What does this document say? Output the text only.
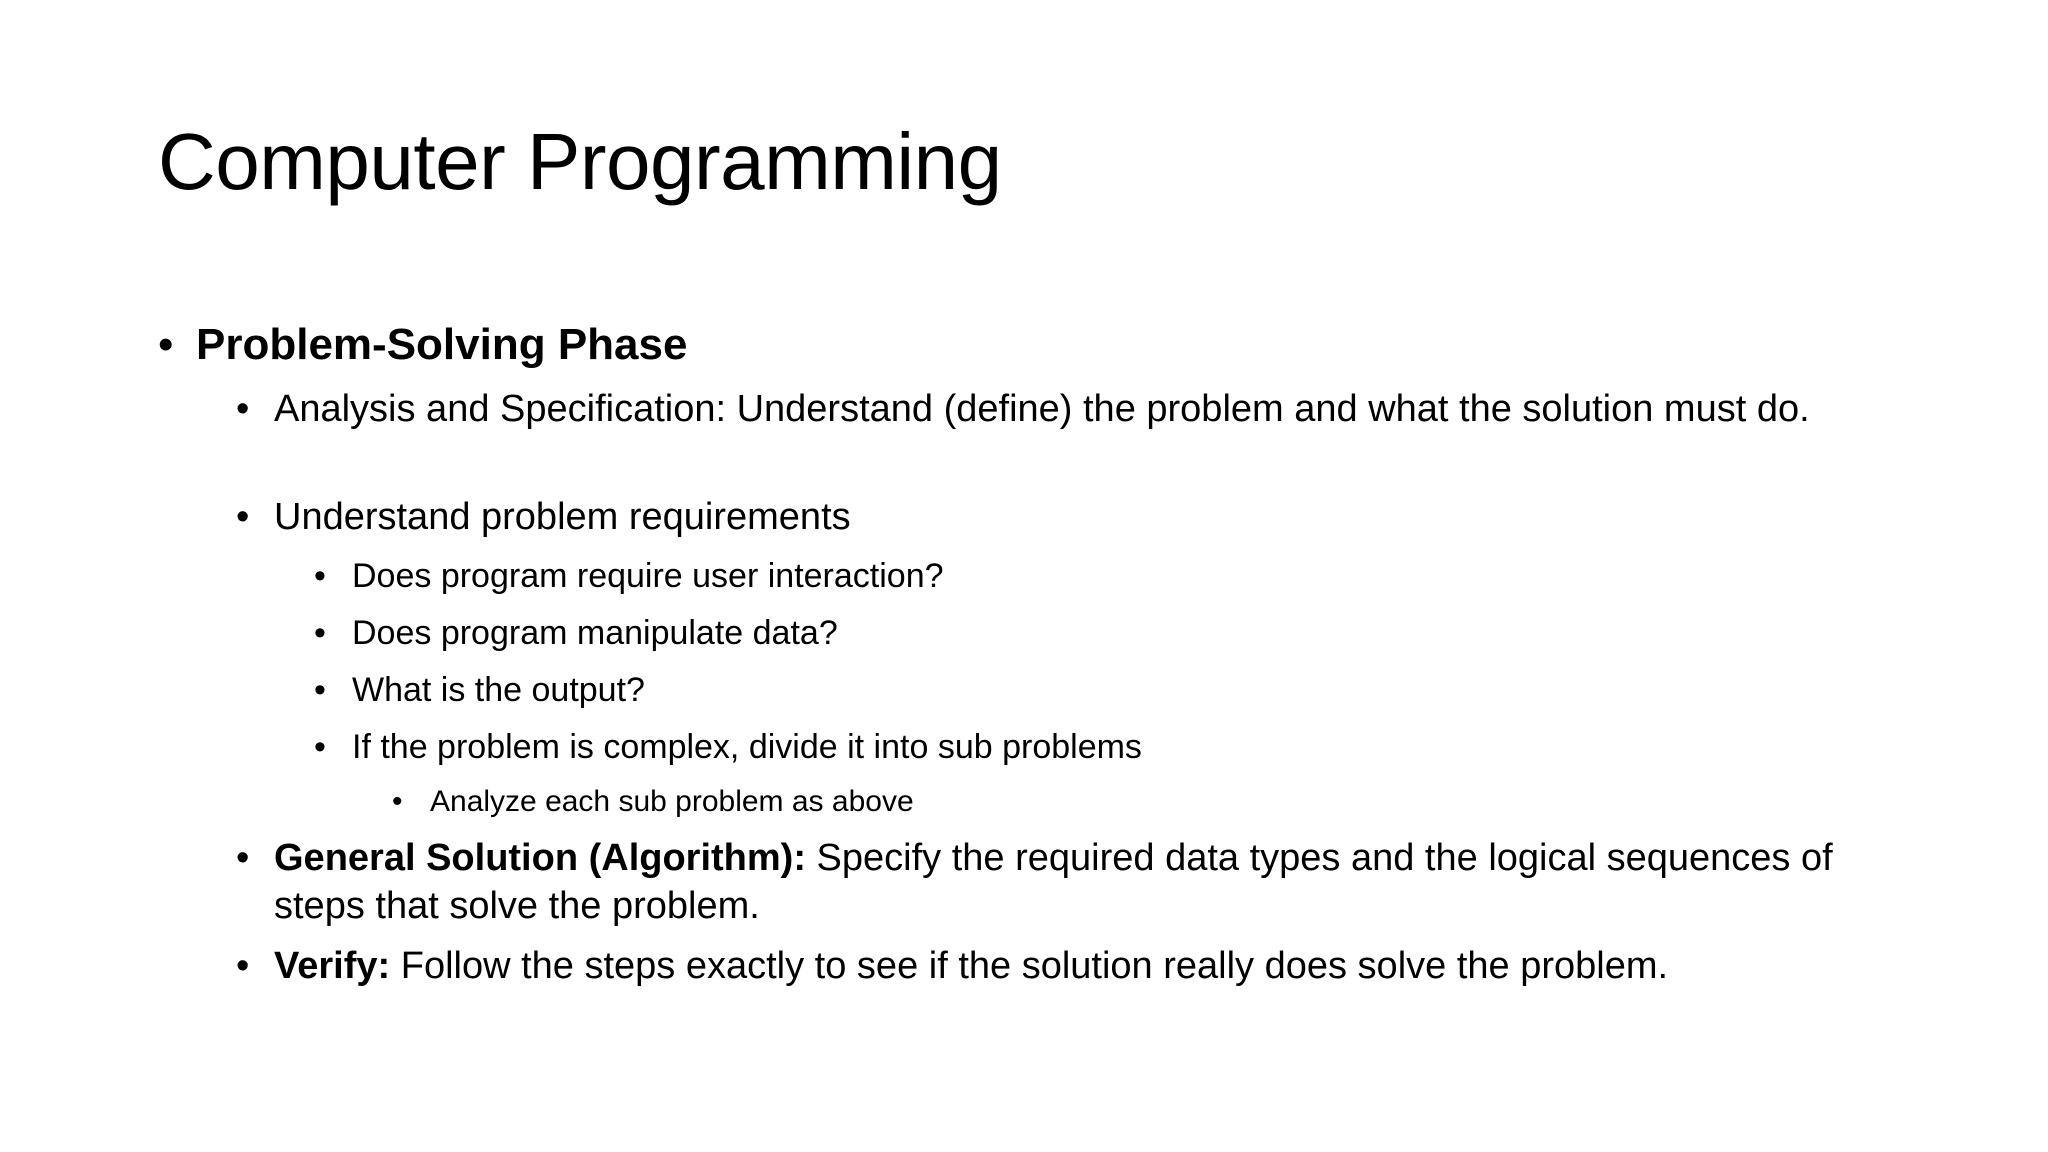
Computer Programming
• Problem-Solving Phase
• Analysis and Specification: Understand (define) the problem and what the solution must do.
• Understand problem requirements
• Does program require user interaction?
• Does program manipulate data?
• What is the output?
• If the problem is complex, divide it into sub problems
• Analyze each sub problem as above
• General Solution (Algorithm): Specify the required data types and the logical sequences of steps that solve the problem.
• Verify: Follow the steps exactly to see if the solution really does solve the problem.
